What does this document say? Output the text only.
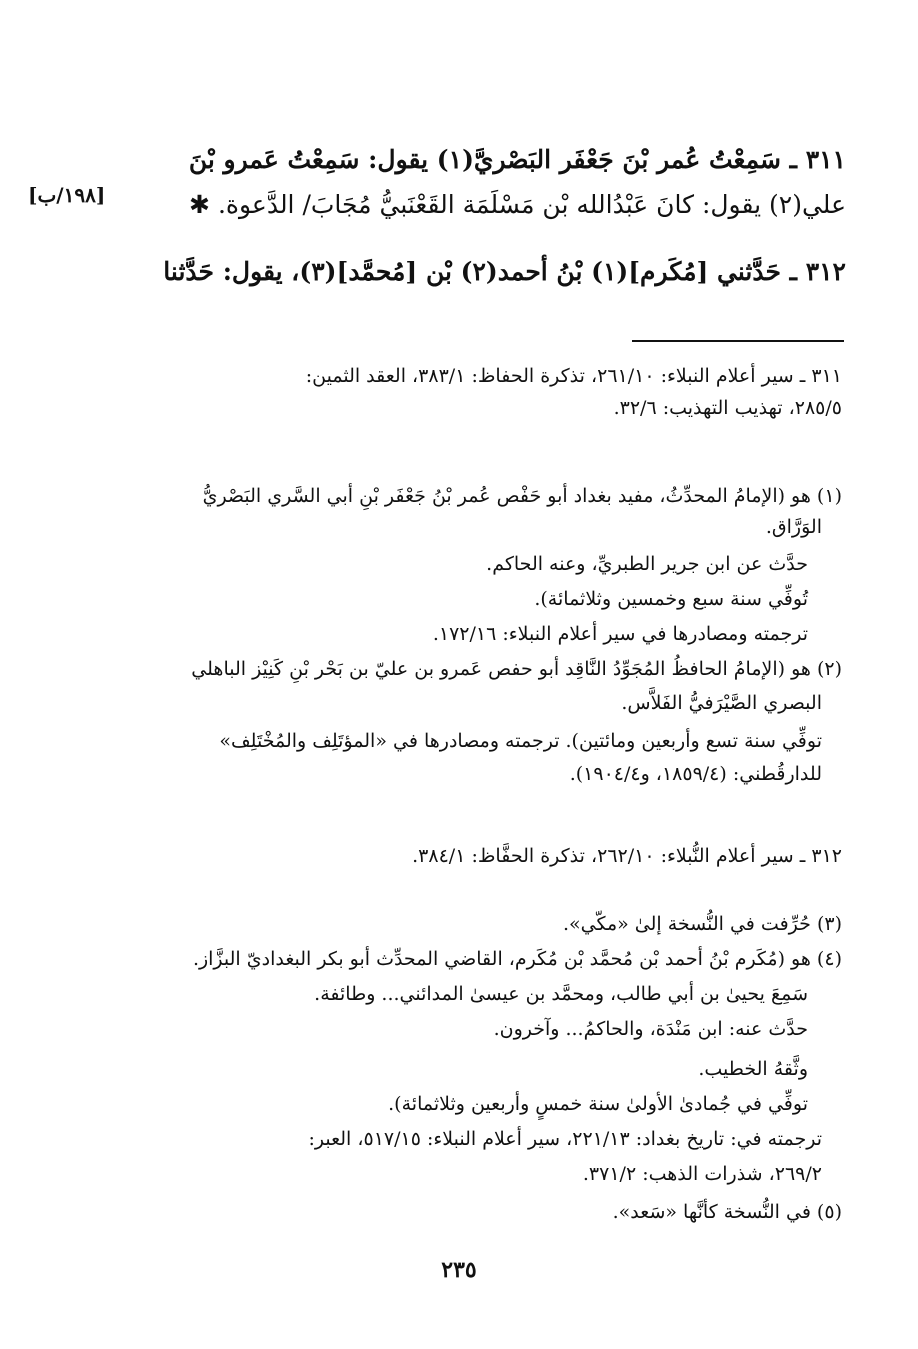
٣١١ ـ سَمِعْتُ عُمر بْنَ جَعْفَر البَصْريَّ(١) يقول: سَمِعْتُ عَمرو بْنَ
علي(٢) يقول: كانَ عَبْدُالله بْن مَسْلَمَة القَعْنَبيُّ مُجَابَ/ الدَّعوة. ✱
[١٩٨/ب]
٣١٢ ـ حَدَّثني [مُكَرم](١) بْنُ أحمد(٢) بْن [مُحمَّد](٣)، يقول: حَدَّثنا
٣١١ ـ سير أعلام النبلاء: ٢٦١/١٠، تذكرة الحفاظ: ٣٨٣/١، العقد الثمين:
٢٨٥/٥، تهذيب التهذيب: ٣٢/٦.
(١) هو (الإمامُ المحدِّثُ، مفيد بغداد أبو حَفْص عُمر بْنُ جَعْفَر بْنِ أبي السَّري البَصْريُّ
الوَرَّاق.
حدَّث عن ابن جرير الطبريِّ، وعنه الحاكم.
تُوفِّي سنة سبع وخمسين وثلاثمائة).
ترجمته ومصادرها في سير أعلام النبلاء: ١٧٢/١٦.
(٢) هو (الإمامُ الحافظُ المُجَوِّدُ النَّاقِد أبو حفص عَمرو بن عليّ بن بَحْر بْنِ كَنِيْز الباهلي
البصري الصَّيْرَفيُّ الفَلاَّس.
توفِّي سنة تسع وأربعين ومائتين). ترجمته ومصادرها في «المؤتَلِف والمُخْتَلِف»
للدارقُطني: (١٨٥٩/٤، و١٩٠٤/٤).
٣١٢ ـ سير أعلام النُّبلاء: ٢٦٢/١٠، تذكرة الحفَّاظ: ٣٨٤/١.
(٣) حُرِّفت في النُّسخة إلىٰ «مكّي».
(٤) هو (مُكَرم بْنُ أحمد بْن مُحمَّد بْن مُكَرم، القاضي المحدِّث أبو بكر البغداديّ البزَّاز.
سَمِعَ يحيىٰ بن أبي طالب، ومحمَّد بن عيسىٰ المدائني... وطائفة.
حدَّث عنه: ابن مَنْدَة، والحاكمُ... وآخرون.
وثَّقهُ الخطيب.
توفِّي في جُمادىٰ الأولىٰ سنة خمسٍ وأربعين وثلاثمائة).
ترجمته في: تاريخ بغداد: ٢٢١/١٣، سير أعلام النبلاء: ٥١٧/١٥، العبر:
٢٦٩/٢، شذرات الذهب: ٣٧١/٢.
(٥) في النُّسخة كأنَّها «سَعد».
٢٣٥
